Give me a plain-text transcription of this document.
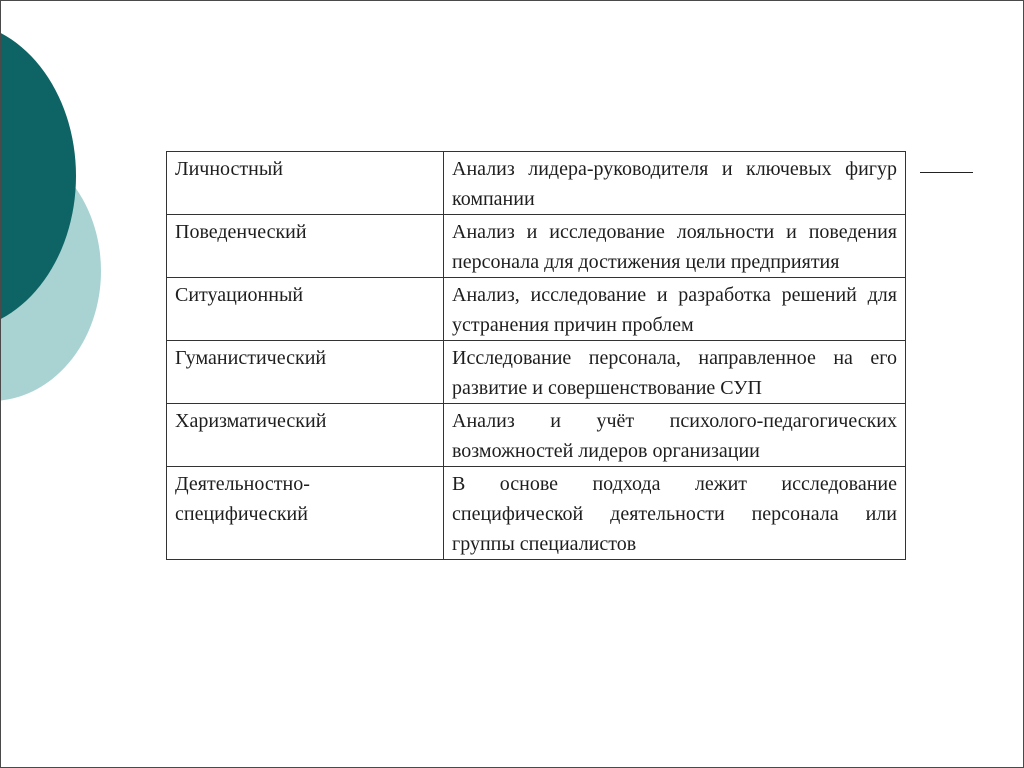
Личностный	Анализ лидера-руководителя и ключевых фигур компании
Поведенческий	Анализ и исследование лояльности и поведения персонала для достижения цели предприятия
Ситуационный	Анализ, исследование и разработка решений для устранения причин проблем
Гуманистический	Исследование персонала, направленное на его развитие и совершенствование СУП
Харизматический	Анализ и учёт психолого-педагогических возможностей лидеров организации
Деятельностно-специфический	В основе подхода лежит исследование специфической деятельности персонала или группы специалистов
